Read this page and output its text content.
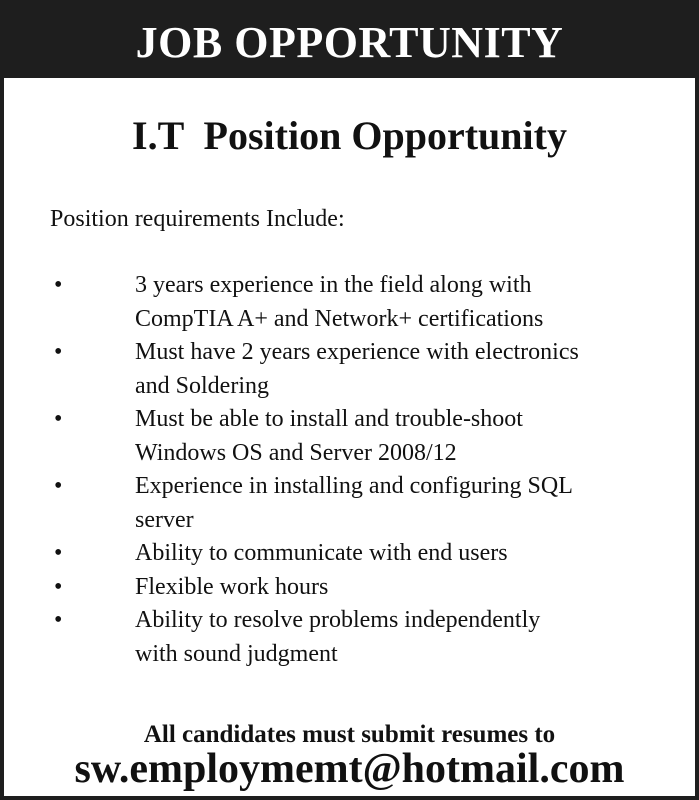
JOB OPPORTUNITY
I.T  Position Opportunity
Position requirements Include:
•	3 years experience in the field along with
CompTIA A+ and Network+ certifications
•	Must have 2 years experience with electronics
and Soldering
•	Must be able to install and trouble-shoot
Windows OS and Server 2008/12
•	Experience in installing and configuring SQL
server
•	Ability to communicate with end users
•	Flexible work hours
•	Ability to resolve problems independently
with sound judgment
All candidates must submit resumes to
sw.employmemt@hotmail.com
